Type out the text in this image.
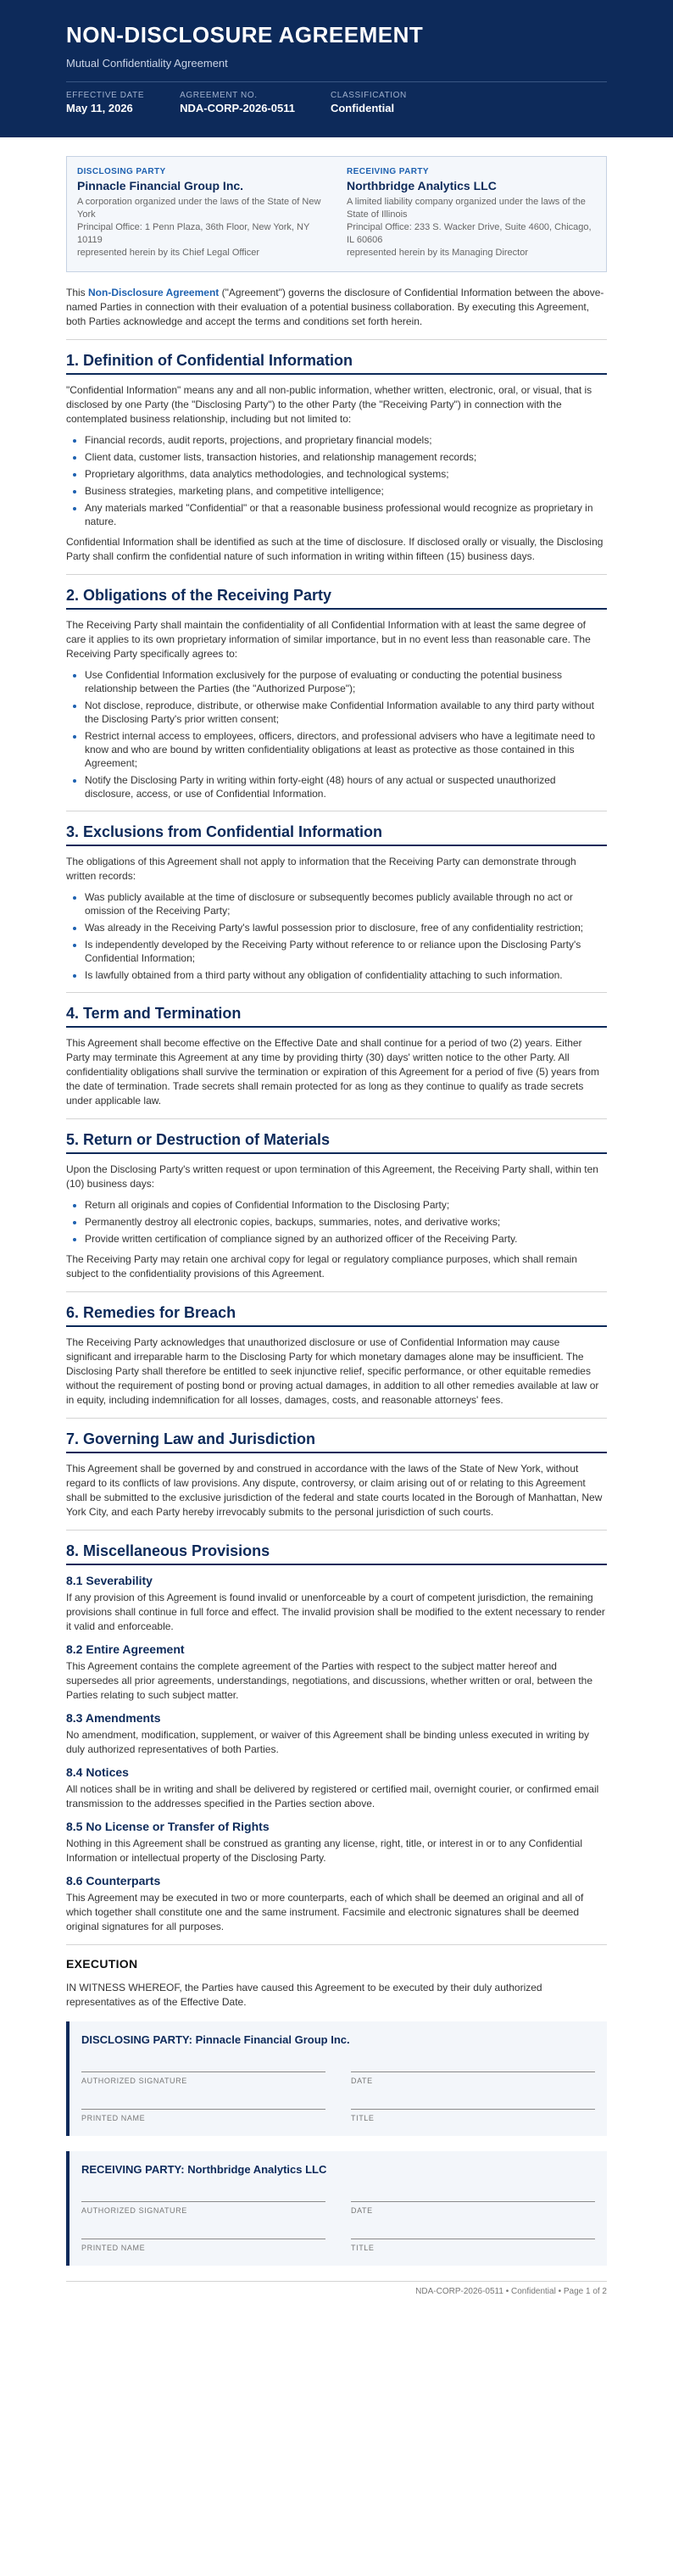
NON-DISCLOSURE AGREEMENT
Mutual Confidentiality Agreement
EFFECTIVE DATE
May 11, 2026
AGREEMENT NO.
NDA-CORP-2026-0511
CLASSIFICATION
Confidential
DISCLOSING PARTY
Pinnacle Financial Group Inc.
A corporation organized under the laws of the State of New York
Principal Office: 1 Penn Plaza, 36th Floor, New York, NY 10119
represented herein by its Chief Legal Officer
RECEIVING PARTY
Northbridge Analytics LLC
A limited liability company organized under the laws of the State of Illinois
Principal Office: 233 S. Wacker Drive, Suite 4600, Chicago, IL 60606
represented herein by its Managing Director

This Non-Disclosure Agreement ("Agreement") governs the disclosure of Confidential Information between the above-named Parties in connection with their evaluation of a potential business collaboration. By executing this Agreement, both Parties acknowledge and accept the terms and conditions set forth herein.

1. Definition of Confidential Information

"Confidential Information" means any and all non-public information, whether written, electronic, oral, or visual, that is disclosed by one Party (the "Disclosing Party") to the other Party (the "Receiving Party") in connection with the contemplated business relationship, including but not limited to:

• Financial records, audit reports, projections, and proprietary financial models;
• Client data, customer lists, transaction histories, and relationship management records;
• Proprietary algorithms, data analytics methodologies, and technological systems;
• Business strategies, marketing plans, and competitive intelligence;
• Any materials marked "Confidential" or that a reasonable business professional would recognize as proprietary in nature.

Confidential Information shall be identified as such at the time of disclosure. If disclosed orally or visually, the Disclosing Party shall confirm the confidential nature of such information in writing within fifteen (15) business days.

2. Obligations of the Receiving Party

The Receiving Party shall maintain the confidentiality of all Confidential Information with at least the same degree of care it applies to its own proprietary information of similar importance, but in no event less than reasonable care. The Receiving Party specifically agrees to:

• Use Confidential Information exclusively for the purpose of evaluating or conducting the potential business relationship between the Parties (the "Authorized Purpose");
• Not disclose, reproduce, distribute, or otherwise make Confidential Information available to any third party without the Disclosing Party's prior written consent;
• Restrict internal access to employees, officers, directors, and professional advisers who have a legitimate need to know and who are bound by written confidentiality obligations at least as protective as those contained in this Agreement;
• Notify the Disclosing Party in writing within forty-eight (48) hours of any actual or suspected unauthorized disclosure, access, or use of Confidential Information.
3. Exclusions from Confidential Information

The obligations of this Agreement shall not apply to information that the Receiving Party can demonstrate through written records:

• Was publicly available at the time of disclosure or subsequently becomes publicly available through no act or omission of the Receiving Party;
• Was already in the Receiving Party's lawful possession prior to disclosure, free of any confidentiality restriction;
• Is independently developed by the Receiving Party without reference to or reliance upon the Disclosing Party's Confidential Information;
• Is lawfully obtained from a third party without any obligation of confidentiality attaching to such information.
4. Term and Termination

This Agreement shall become effective on the Effective Date and shall continue for a period of two (2) years. Either Party may terminate this Agreement at any time by providing thirty (30) days' written notice to the other Party. All confidentiality obligations shall survive the termination or expiration of this Agreement for a period of five (5) years from the date of termination. Trade secrets shall remain protected for as long as they continue to qualify as trade secrets under applicable law.

5. Return or Destruction of Materials

Upon the Disclosing Party's written request or upon termination of this Agreement, the Receiving Party shall, within ten (10) business days:

• Return all originals and copies of Confidential Information to the Disclosing Party;
• Permanently destroy all electronic copies, backups, summaries, notes, and derivative works;
• Provide written certification of compliance signed by an authorized officer of the Receiving Party.

The Receiving Party may retain one archival copy for legal or regulatory compliance purposes, which shall remain subject to the confidentiality provisions of this Agreement.

6. Remedies for Breach

The Receiving Party acknowledges that unauthorized disclosure or use of Confidential Information may cause significant and irreparable harm to the Disclosing Party for which monetary damages alone may be insufficient. The Disclosing Party shall therefore be entitled to seek injunctive relief, specific performance, or other equitable remedies without the requirement of posting bond or proving actual damages, in addition to all other remedies available at law or in equity, including indemnification for all losses, damages, costs, and reasonable attorneys' fees.

7. Governing Law and Jurisdiction

This Agreement shall be governed by and construed in accordance with the laws of the State of New York, without regard to its conflicts of law provisions. Any dispute, controversy, or claim arising out of or relating to this Agreement shall be submitted to the exclusive jurisdiction of the federal and state courts located in the Borough of Manhattan, New York City, and each Party hereby irrevocably submits to the personal jurisdiction of such courts.

8. Miscellaneous Provisions
8.1 Severability

If any provision of this Agreement is found invalid or unenforceable by a court of competent jurisdiction, the remaining provisions shall continue in full force and effect. The invalid provision shall be modified to the extent necessary to render it valid and enforceable.

8.2 Entire Agreement

This Agreement contains the complete agreement of the Parties with respect to the subject matter hereof and supersedes all prior agreements, understandings, negotiations, and discussions, whether written or oral, between the Parties relating to such subject matter.

8.3 Amendments

No amendment, modification, supplement, or waiver of this Agreement shall be binding unless executed in writing by duly authorized representatives of both Parties.

8.4 Notices

All notices shall be in writing and shall be delivered by registered or certified mail, overnight courier, or confirmed email transmission to the addresses specified in the Parties section above.

8.5 No License or Transfer of Rights

Nothing in this Agreement shall be construed as granting any license, right, title, or interest in or to any Confidential Information or intellectual property of the Disclosing Party.

8.6 Counterparts

This Agreement may be executed in two or more counterparts, each of which shall be deemed an original and all of which together shall constitute one and the same instrument. Facsimile and electronic signatures shall be deemed original signatures for all purposes.

EXECUTION

IN WITNESS WHEREOF, the Parties have caused this Agreement to be executed by their duly authorized representatives as of the Effective Date.

DISCLOSING PARTY: Pinnacle Financial Group Inc.
AUTHORIZED SIGNATURE	DATE
PRINTED NAME	TITLE
RECEIVING PARTY: Northbridge Analytics LLC
AUTHORIZED SIGNATURE	DATE
PRINTED NAME	TITLE
NDA-CORP-2026-0511 • Confidential • Page 1 of 2
